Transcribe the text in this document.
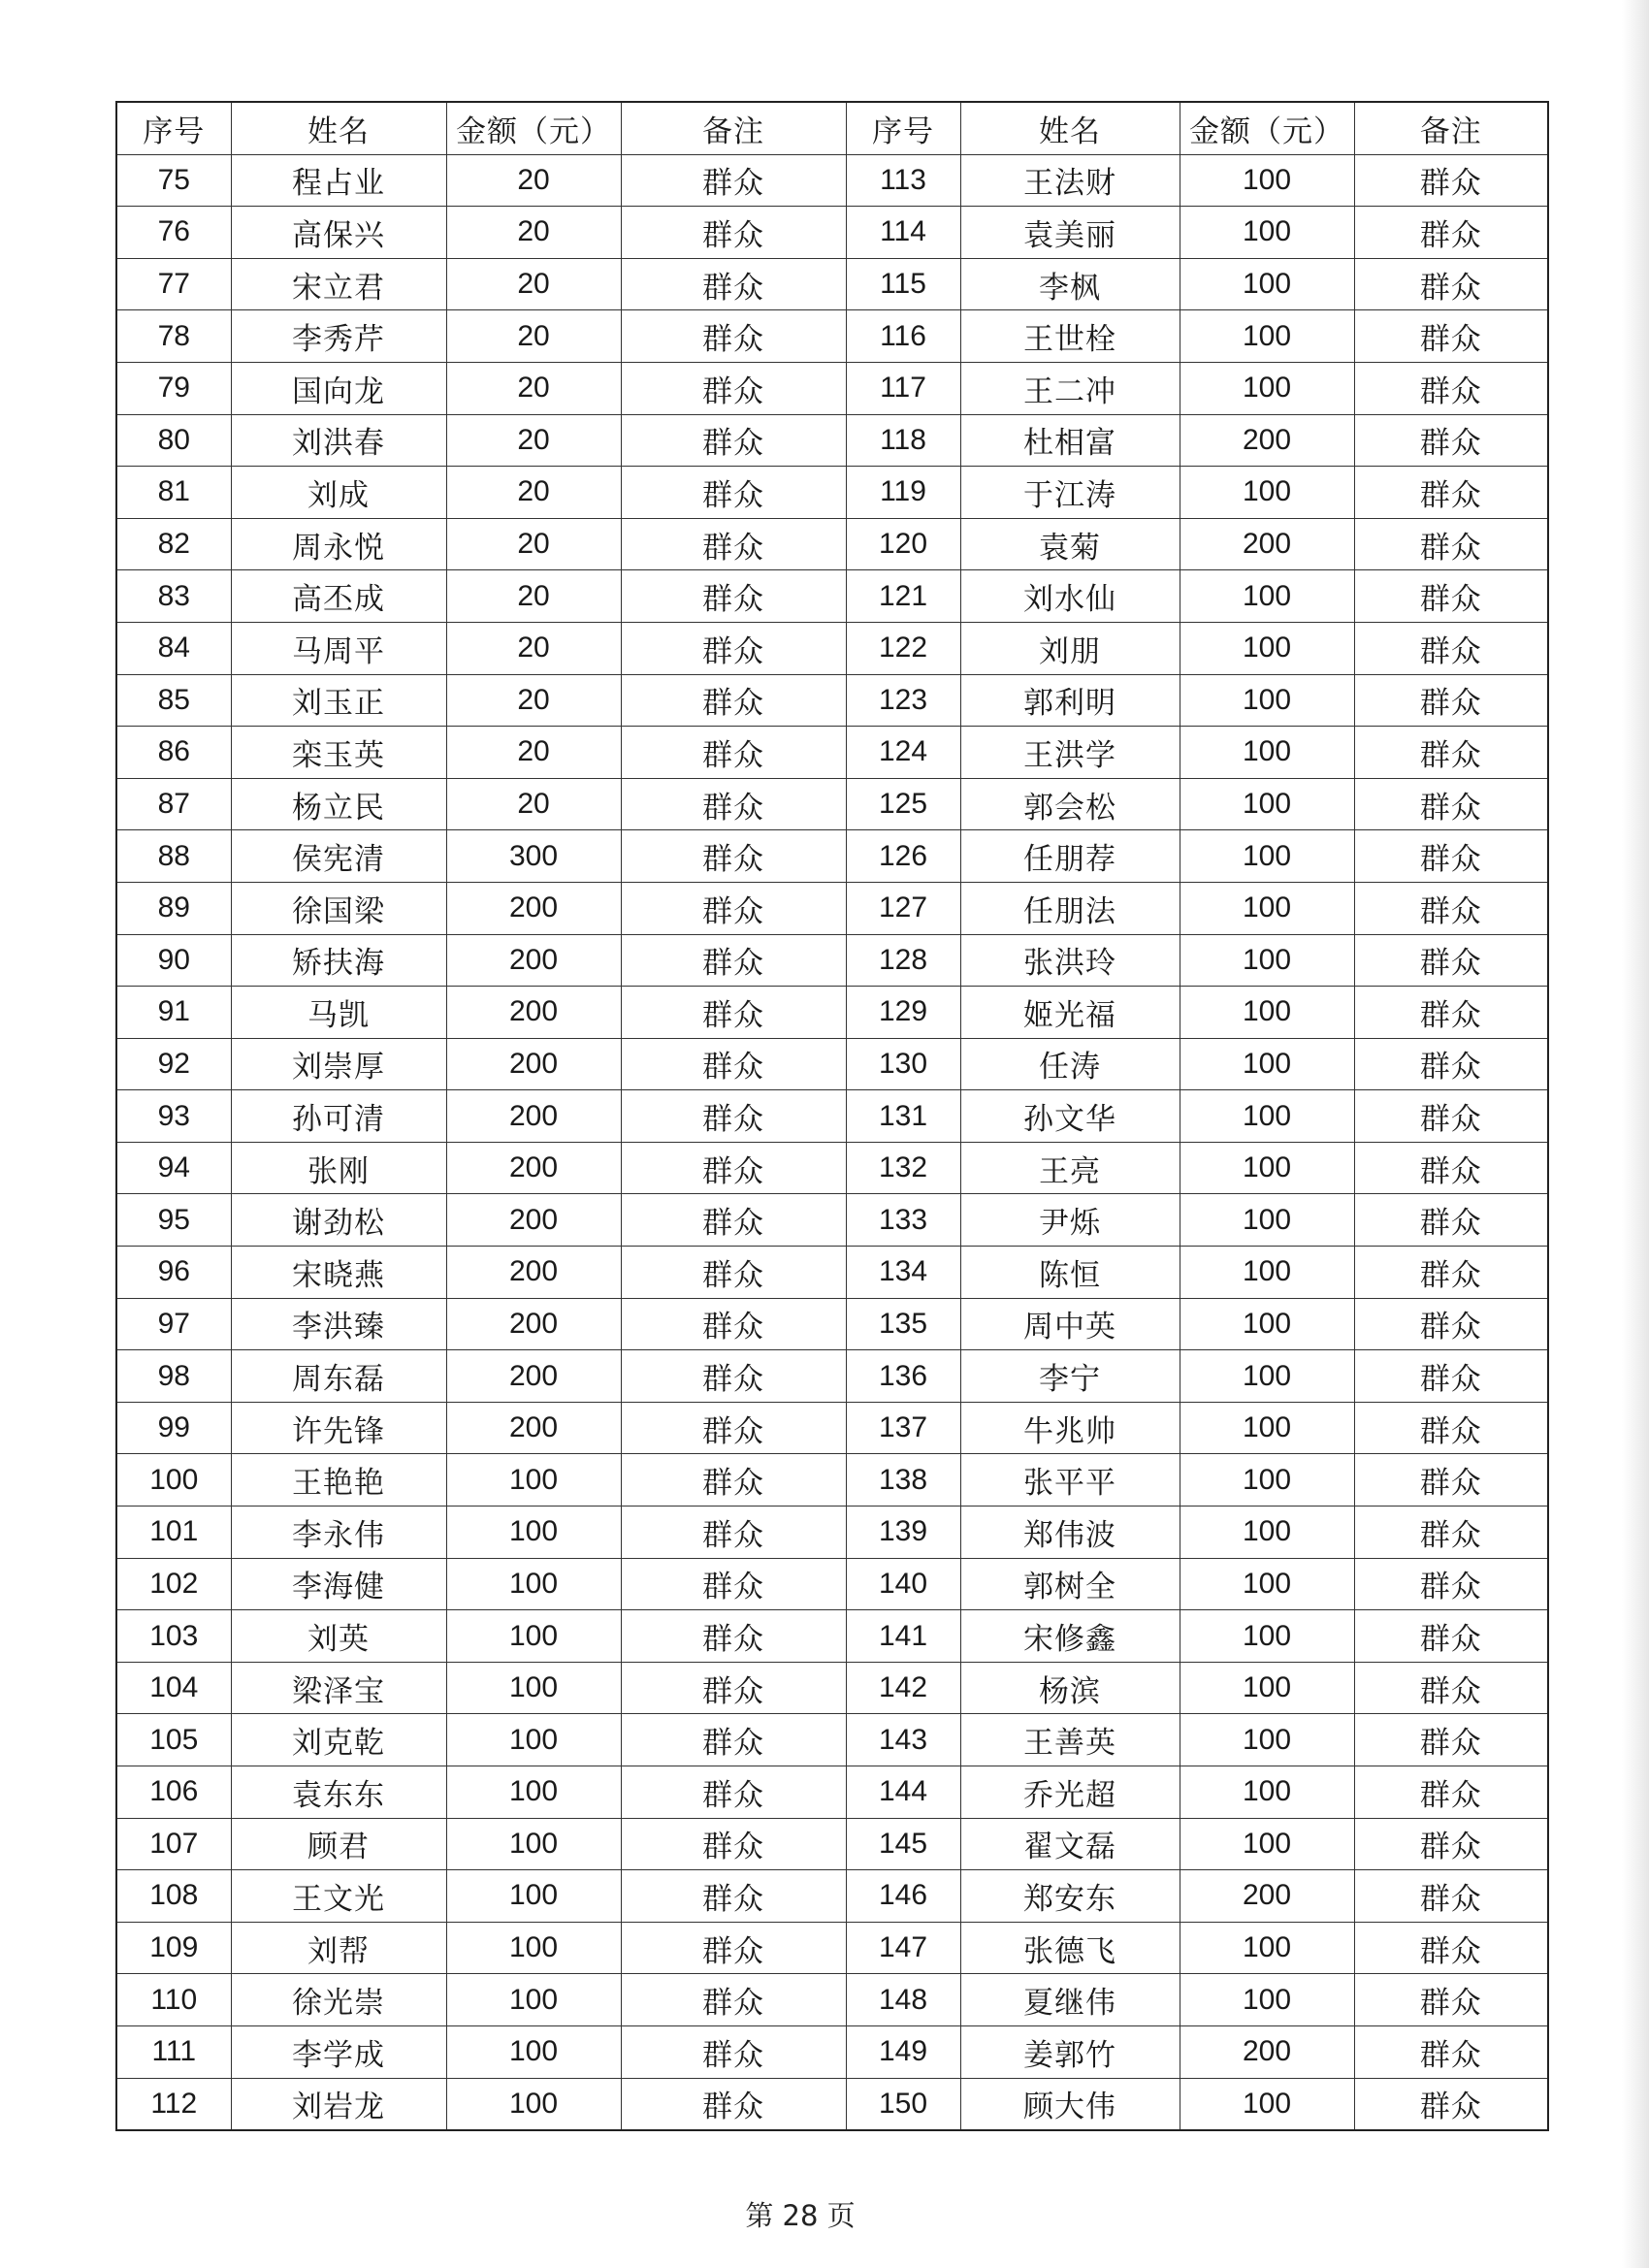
序号	姓名	金额（元）	备注	序号	姓名	金额（元）	备注
75	程占业	20	群众	113	王法财	100	群众
76	高保兴	20	群众	114	袁美丽	100	群众
77	宋立君	20	群众	115	李枫	100	群众
78	李秀芹	20	群众	116	王世栓	100	群众
79	国向龙	20	群众	117	王二冲	100	群众
80	刘洪春	20	群众	118	杜相富	200	群众
81	刘成	20	群众	119	于江涛	100	群众
82	周永悦	20	群众	120	袁菊	200	群众
83	高丕成	20	群众	121	刘水仙	100	群众
84	马周平	20	群众	122	刘朋	100	群众
85	刘玉正	20	群众	123	郭利明	100	群众
86	栾玉英	20	群众	124	王洪学	100	群众
87	杨立民	20	群众	125	郭会松	100	群众
88	侯宪清	300	群众	126	任朋荐	100	群众
89	徐国梁	200	群众	127	任朋法	100	群众
90	矫扶海	200	群众	128	张洪玲	100	群众
91	马凯	200	群众	129	姬光福	100	群众
92	刘崇厚	200	群众	130	任涛	100	群众
93	孙可清	200	群众	131	孙文华	100	群众
94	张刚	200	群众	132	王亮	100	群众
95	谢劲松	200	群众	133	尹烁	100	群众
96	宋晓燕	200	群众	134	陈恒	100	群众
97	李洪臻	200	群众	135	周中英	100	群众
98	周东磊	200	群众	136	李宁	100	群众
99	许先锋	200	群众	137	牛兆帅	100	群众
100	王艳艳	100	群众	138	张平平	100	群众
101	李永伟	100	群众	139	郑伟波	100	群众
102	李海健	100	群众	140	郭树全	100	群众
103	刘英	100	群众	141	宋修鑫	100	群众
104	梁泽宝	100	群众	142	杨滨	100	群众
105	刘克乾	100	群众	143	王善英	100	群众
106	袁东东	100	群众	144	乔光超	100	群众
107	顾君	100	群众	145	翟文磊	100	群众
108	王文光	100	群众	146	郑安东	200	群众
109	刘帮	100	群众	147	张德飞	100	群众
110	徐光崇	100	群众	148	夏继伟	100	群众
111	李学成	100	群众	149	姜郭竹	200	群众
112	刘岩龙	100	群众	150	顾大伟	100	群众
第 28 页
